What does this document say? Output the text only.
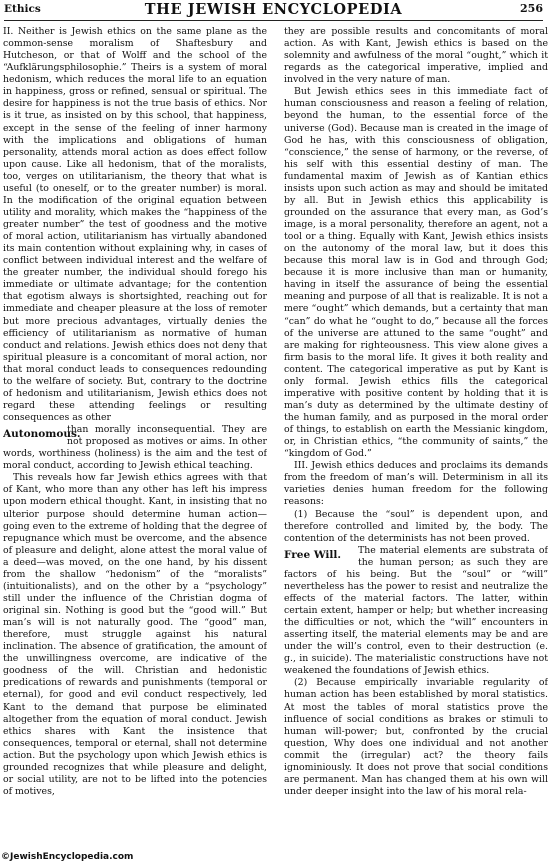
Ethics	THE JEWISH ENCYCLOPEDIA	256

II. Neither is Jewish ethics on the same plane as the common-sense moralism of Shaftesbury and Hutcheson, or that of Wolff and the school of the “Aufklärungsphilosophie.” Theirs is a system of moral hedonism, which reduces the moral life to an equation in happiness, gross or refined, sensual or spiritual. The desire for happiness is not the true basis of ethics. Nor is it true, as insisted on by this school, that happiness, except in the sense of the feeling of inner harmony with the implications and obligations of human personality, attends moral action as does effect follow upon cause. Like all hedonism, that of the moralists, too, verges on utilitarianism, the theory that what is useful (to oneself, or to the greater number) is moral. In the modification of the original equation between utility and morality, which makes the “happiness of the greater number” the test of goodness and the motive of moral action, utilitarianism has virtually abandoned its main contention without explaining why, in cases of conflict between individual interest and the welfare of the greater number, the individual should forego his immediate or ultimate advantage; for the contention that egotism always is shortsighted, reaching out for immediate and cheaper pleasure at the loss of remoter but more precious advantages, virtually denies the efficiency of utilitarianism as normative of human conduct and relations. Jewish ethics does not deny that spiritual pleasure is a concomitant of moral action, nor that moral conduct leads to consequences redounding to the welfare of society. But, contrary to the doctrine of hedonism and utilitarianism, Jewish ethics does not regard these attending feelings or resulting consequences as other

Autonomous.

than morally inconsequential. They are not proposed as motives or aims. In other words, worthiness (holiness) is the aim and the test of moral conduct, according to Jewish ethical teaching.

This reveals how far Jewish ethics agrees with that of Kant, who more than any other has left his impress upon modern ethical thought. Kant, in insisting that no ulterior purpose should determine human action—going even to the extreme of holding that the degree of repugnance which must be overcome, and the absence of pleasure and delight, alone attest the moral value of a deed—was moved, on the one hand, by his dissent from the shallow “hedonism” of the “moralists” (intuitionalists), and on the other by a “psychology” still under the influence of the Christian dogma of original sin. Nothing is good but the “good will.” But man’s will is not naturally good. The “good” man, therefore, must struggle against his natural inclination. The absence of gratification, the amount of the unwillingness overcome, are indicative of the goodness of the will. Christian and hedonistic predications of rewards and punishments (temporal or eternal), for good and evil conduct respectively, led Kant to the demand that purpose be eliminated altogether from the equation of moral conduct. Jewish ethics shares with Kant the insistence that consequences, temporal or eternal, shall not determine action. But the psychology upon which Jewish ethics is grounded recognizes that while pleasure and delight, or social utility, are not to be lifted into the potencies of motives,

they are possible results and concomitants of moral action. As with Kant, Jewish ethics is based on the solemnity and awfulness of the moral “ought,” which it regards as the categorical imperative, implied and involved in the very nature of man.

But Jewish ethics sees in this immediate fact of human consciousness and reason a feeling of relation, beyond the human, to the essential force of the universe (God). Because man is created in the image of God he has, with this consciousness of obligation, “conscience,” the sense of harmony, or the reverse, of his self with this essential destiny of man. The fundamental maxim of Jewish as of Kantian ethics insists upon such action as may and should be imitated by all. But in Jewish ethics this applicability is grounded on the assurance that every man, as God’s image, is a moral personality, therefore an agent, not a tool or a thing. Equally with Kant, Jewish ethics insists on the autonomy of the moral law, but it does this because this moral law is in God and through God; because it is more inclusive than man or humanity, having in itself the assurance of being the essential meaning and purpose of all that is realizable. It is not a mere “ought” which demands, but a certainty that man “can” do what he “ought to do,” because all the forces of the universe are attuned to the same “ought” and are making for righteousness. This view alone gives a firm basis to the moral life. It gives it both reality and content. The categorical imperative as put by Kant is only formal. Jewish ethics fills the categorical imperative with positive content by holding that it is man’s duty as determined by the ultimate destiny of the human family, and as purposed in the moral order of things, to establish on earth the Messianic kingdom, or, in Christian ethics, “the community of saints,” the “kingdom of God.”

III. Jewish ethics deduces and proclaims its demands from the freedom of man’s will. Determinism in all its varieties denies human freedom for the following reasons:

(1) Because the “soul” is dependent upon, and therefore controlled and limited by, the body. The contention of the determinists has not been proved.

Free Will.	The material elements are substrata of the human person; as such they are factors of his being. But the “soul” or “will” nevertheless has the power to resist and neutralize the effects of the material factors. The latter, within certain extent, hamper or help; but whether increasing the difficulties or not, which the “will” encounters in asserting itself, the material elements may be and are under the will’s control, even to their destruction (e. g., in suicide). The materialistic constructions have not weakened the foundations of Jewish ethics.

(2) Because empirically invariable regularity of human action has been established by moral statistics. At most the tables of moral statistics prove the influence of social conditions as brakes or stimuli to human will-power; but, confronted by the crucial question, Why does one individual and not another commit the (irregular) act? the theory fails ignominiously. It does not prove that social conditions are permanent. Man has changed them at his own will under deeper insight into the law of his moral rela-

©JewishEncyclopedia.com
